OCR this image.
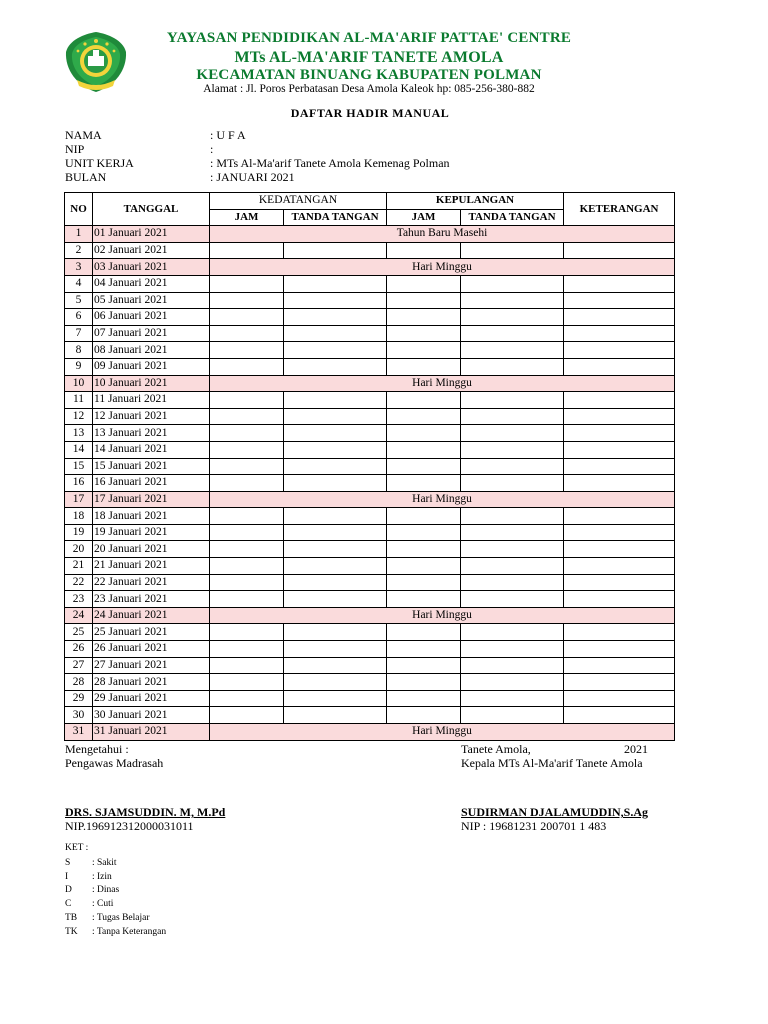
YAYASAN PENDIDIKAN AL-MA'ARIF PATTAE' CENTRE
MTs AL-MA'ARIF TANETE AMOLA
KECAMATAN BINUANG KABUPATEN POLMAN
Alamat : Jl. Poros Perbatasan Desa Amola Kaleok hp: 085-256-380-882
DAFTAR HADIR MANUAL
NAMA	: U F A
NIP	:
UNIT KERJA	: MTs Al-Ma'arif Tanete Amola Kemenag Polman
BULAN	: JANUARI 2021
NO	TANGGAL	KEDATANGAN		KEPULANGAN		KETERANGAN
		JAM	TANDA TANGAN	JAM	TANDA TANGAN	
1	01 Januari 2021	Tahun Baru Masehi				
2	02 Januari 2021					
3	03 Januari 2021	Hari Minggu				
4	04 Januari 2021					
5	05 Januari 2021					
6	06 Januari 2021					
7	07 Januari 2021					
8	08 Januari 2021					
9	09 Januari 2021					
10	10 Januari 2021	Hari Minggu				
11	11 Januari 2021					
12	12 Januari 2021					
13	13 Januari 2021					
14	14 Januari 2021					
15	15 Januari 2021					
16	16 Januari 2021					
17	17 Januari 2021	Hari Minggu				
18	18 Januari 2021					
19	19 Januari 2021					
20	20 Januari 2021					
21	21 Januari 2021					
22	22 Januari 2021					
23	23 Januari 2021					
24	24 Januari 2021	Hari Minggu				
25	25 Januari 2021					
26	26 Januari 2021					
27	27 Januari 2021					
28	28 Januari 2021					
29	29 Januari 2021					
30	30 Januari 2021					
31	31 Januari 2021	Hari Minggu				
Mengetahui :
Pengawas Madrasah
DRS. SJAMSUDDIN. M, M.Pd
NIP.196912312000031011
Tanete Amola,	2021
Kepala MTs Al-Ma'arif Tanete Amola
SUDIRMAN DJALAMUDDIN,S.Ag
NIP : 19681231 200701 1 483
KET :
S : Sakit
I	: Izin
D : Dinas
C : Cuti
TB : Tugas Belajar
TK : Tanpa Keterangan
